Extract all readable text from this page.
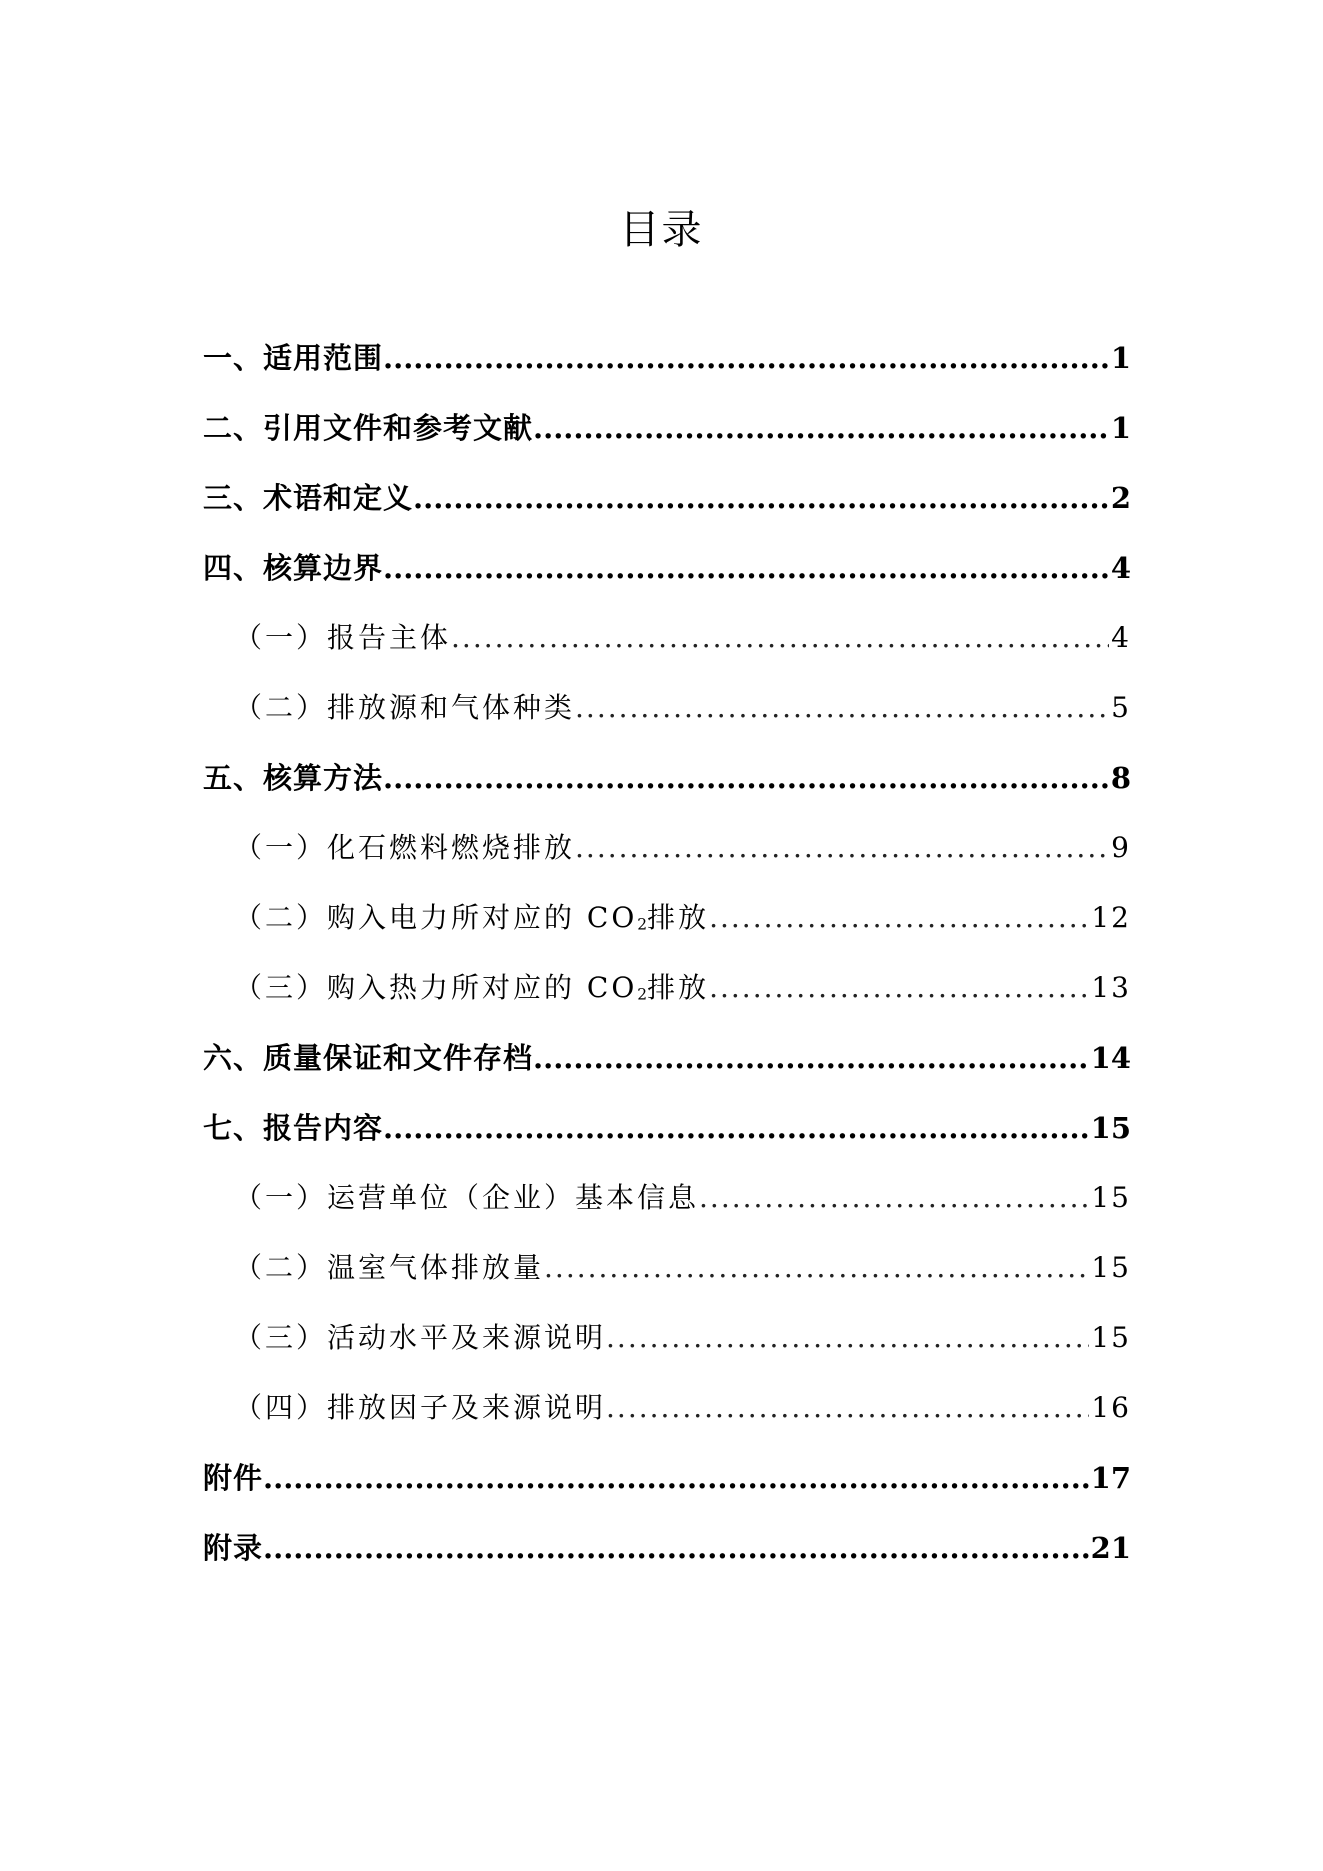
目录
一、适用范围 .....	1
二、引用文件和参考文献 .....	1
三、术语和定义 .....	2
四、核算边界 .....	4
（一）报告主体 .....	4
（二）排放源和气体种类 .....	5
五、核算方法 .....	8
（一）化石燃料燃烧排放 .....	9
（二）购入电力所对应的 $CO_2$排放 .....	12
（三）购入热力所对应的 $CO_2$排放 .....	13
六、质量保证和文件存档 .....	14
七、报告内容 .....	15
（一）运营单位（企业）基本信息 .....	15
（二）温室气体排放量 .....	15
（三）活动水平及来源说明 .....	15
（四）排放因子及来源说明 .....	16
附件 .....	17
附录 .....	21
